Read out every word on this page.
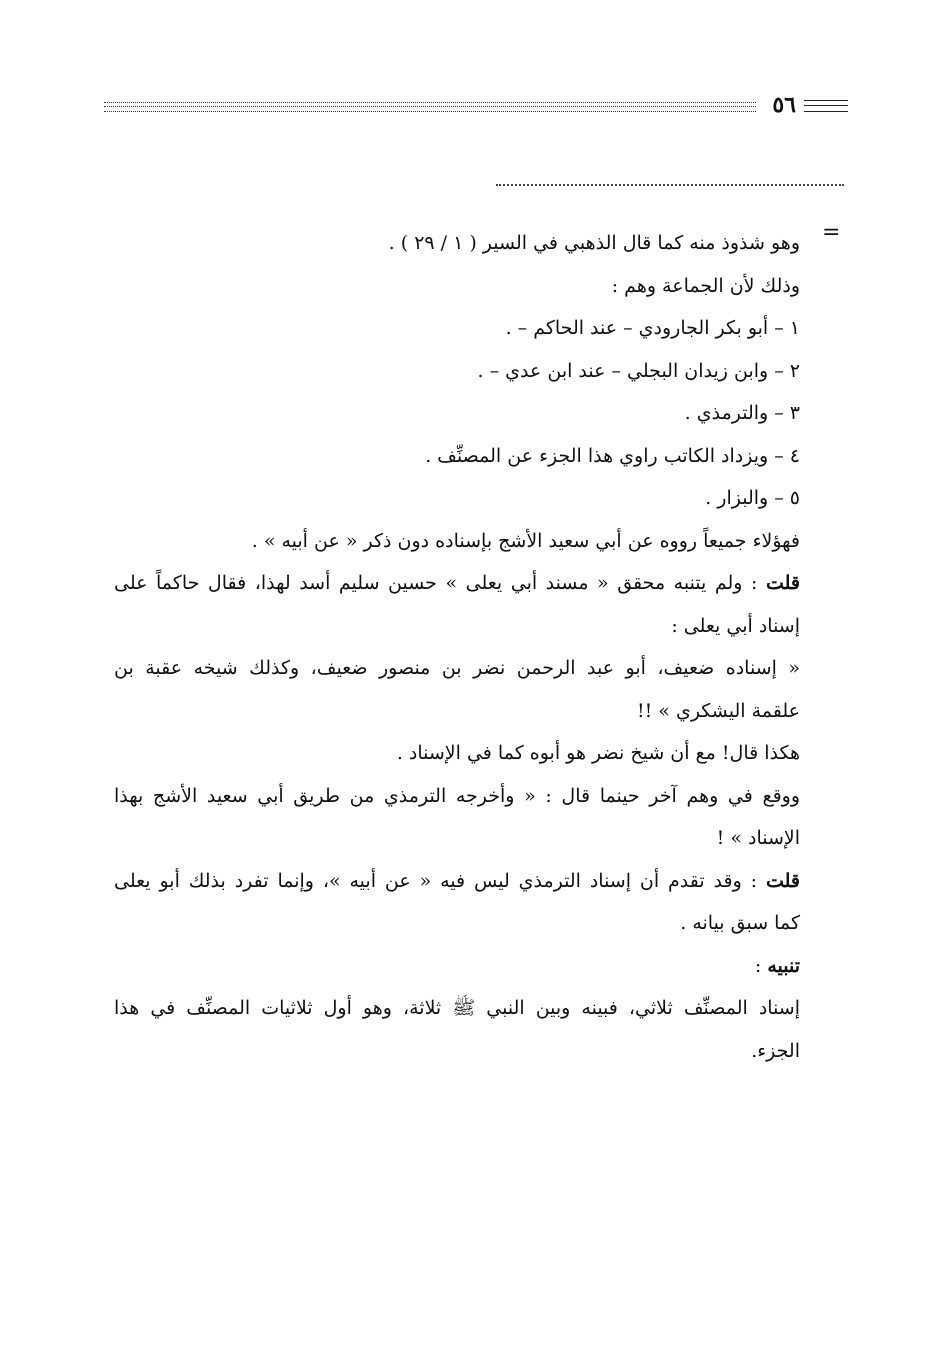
٥٦
=
وهو شذوذ منه كما قال الذهبي في السير ( ١ / ٢٩ ) .
وذلك لأن الجماعة وهم :
١ – أبو بكر الجارودي – عند الحاكم – .
٢ – وابن زيدان البجلي – عند ابن عدي – .
٣ – والترمذي .
٤ – ويزداد الكاتب راوي هذا الجزء عن المصنِّف .
٥ – والبزار .
فهؤلاء جميعاً رووه عن أبي سعيد الأشج بإسناده دون ذكر « عن أبيه » .
قلت : ولم يتنبه محقق « مسند أبي يعلى » حسين سليم أسد لهذا، فقال حاكماً على
إسناد أبي يعلى :
« إسناده ضعيف، أبو عبد الرحمن نضر بن منصور ضعيف، وكذلك شيخه عقبة بن
علقمة اليشكري » !!
هكذا قال! مع أن شيخ نضر هو أبوه كما في الإسناد .
ووقع في وهم آخر حينما قال : « وأخرجه الترمذي من طريق أبي سعيد الأشج بهذا
الإسناد » !
قلت : وقد تقدم أن إسناد الترمذي ليس فيه « عن أبيه »، وإنما تفرد بذلك أبو يعلى
كما سبق بيانه .
تنبيه :
إسناد المصنِّف ثلاثي، فبينه وبين النبي ﷺ ثلاثة، وهو أول ثلاثيات المصنِّف في هذا
الجزء.
